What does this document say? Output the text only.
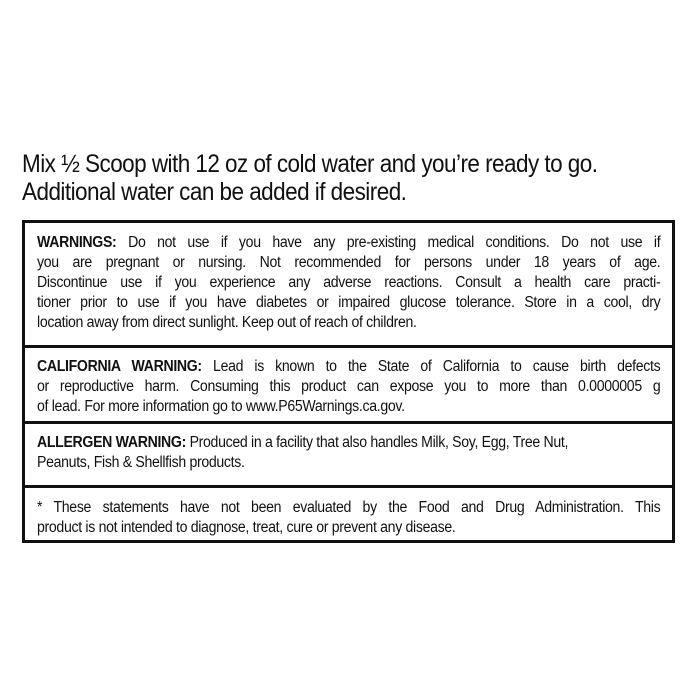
Mix ½ Scoop with 12 oz of cold water and you’re ready to go.
Additional water can be added if desired.
WARNINGS: Do not use if you have any pre-existing medical conditions. Do not use if
you are pregnant or nursing. Not recommended for persons under 18 years of age.
Discontinue use if you experience any adverse reactions. Consult a health care practi-
tioner prior to use if you have diabetes or impaired glucose tolerance. Store in a cool, dry
location away from direct sunlight. Keep out of reach of children.
CALIFORNIA WARNING: Lead is known to the State of California to cause birth defects
or reproductive harm. Consuming this product can expose you to more than 0.0000005 g
of lead. For more information go to www.P65Warnings.ca.gov.
ALLERGEN WARNING: Produced in a facility that also handles Milk, Soy, Egg, Tree Nut,
Peanuts, Fish & Shellfish products.
* These statements have not been evaluated by the Food and Drug Administration. This
product is not intended to diagnose, treat, cure or prevent any disease.
